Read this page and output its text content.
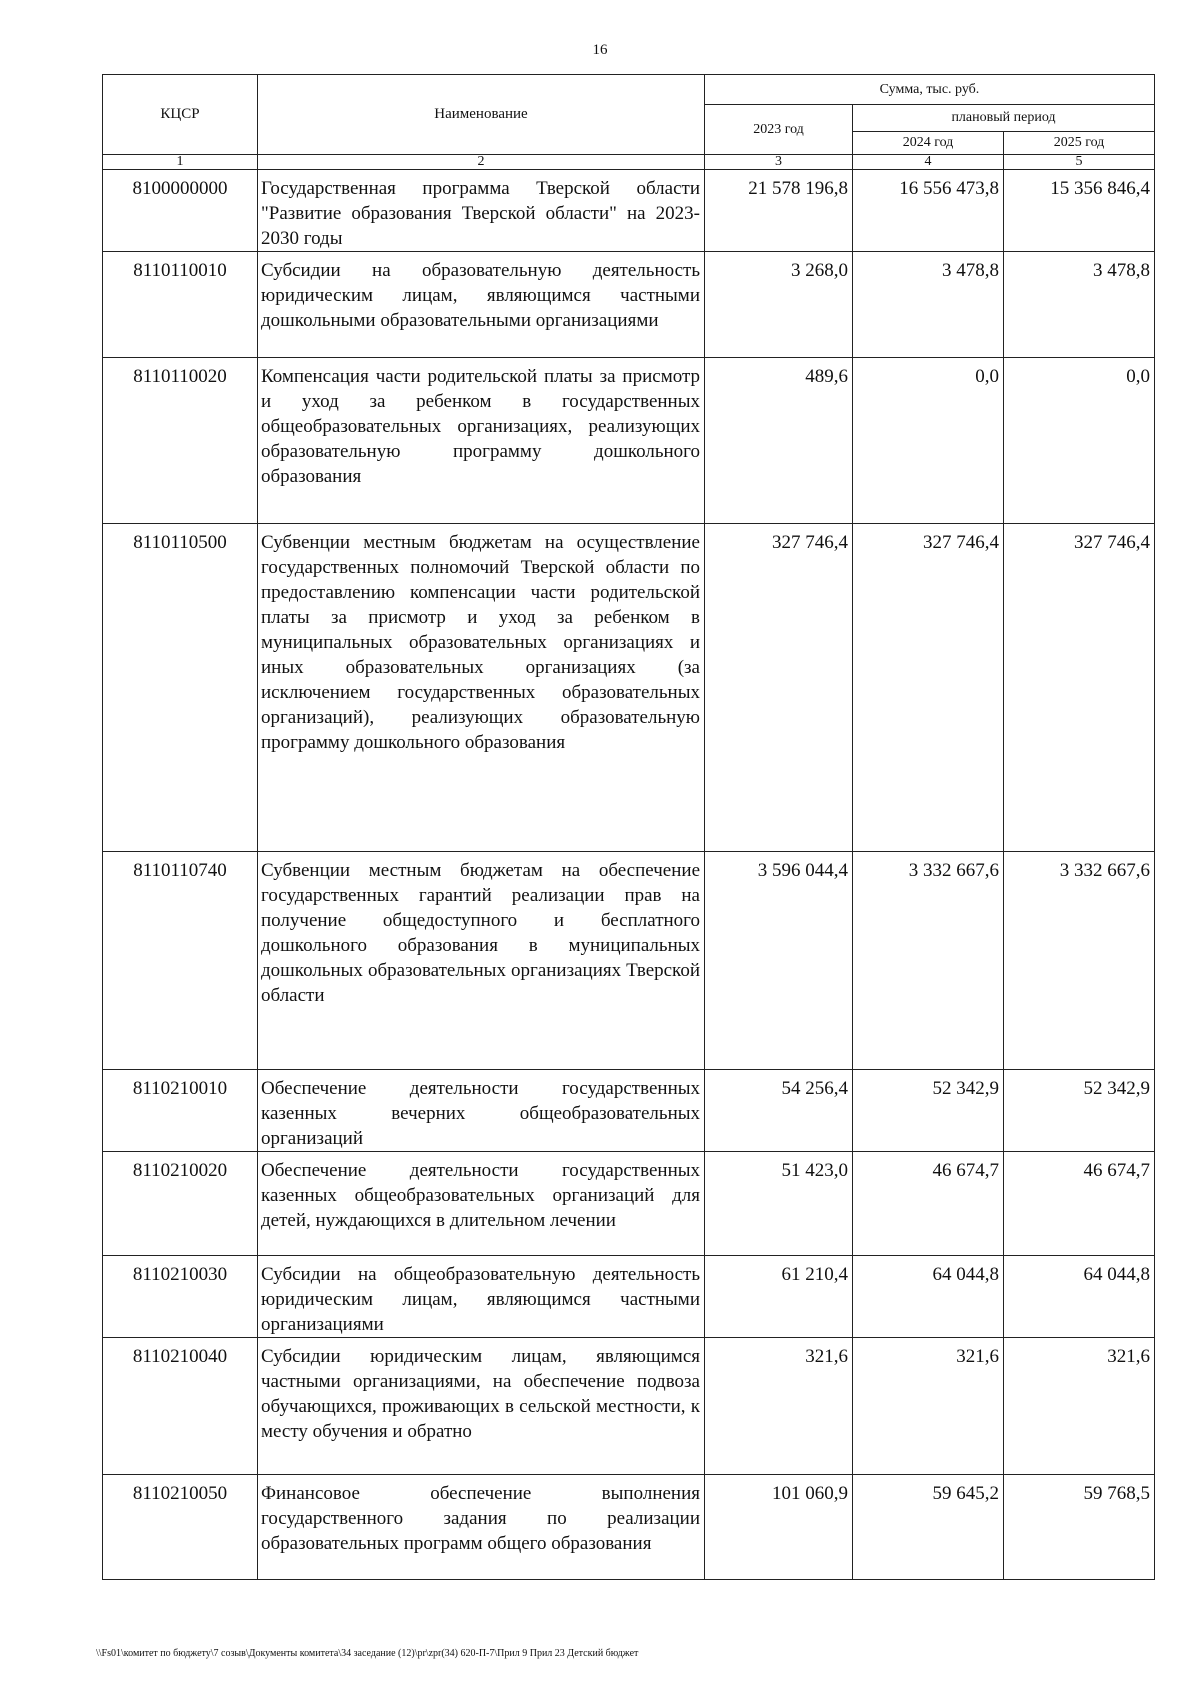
16
КЦСР	Наименование	Сумма, тыс. руб.		
		2023 год	плановый период	
			2024 год	2025 год
1	2	3	4	5
8100000000	Государственная программа Тверской области "Развитие образования Тверской области" на 2023-2030 годы	21 578 196,8	16 556 473,8	15 356 846,4
8110110010	Субсидии на образовательную деятельность юридическим лицам, являющимся частными дошкольными образовательными организациями	3 268,0	3 478,8	3 478,8
8110110020	Компенсация части родительской платы за присмотр и уход за ребенком в государственных общеобразовательных организациях, реализующих образовательную программу дошкольного образования	489,6	0,0	0,0
8110110500	Субвенции местным бюджетам на осуществление государственных полномочий Тверской области по предоставлению компенсации части родительской платы за присмотр и уход за ребенком в муниципальных образовательных организациях и иных образовательных организациях (за исключением государственных образовательных организаций), реализующих образовательную программу дошкольного образования	327 746,4	327 746,4	327 746,4
8110110740	Субвенции местным бюджетам на обеспечение государственных гарантий реализации прав на получение общедоступного и бесплатного дошкольного образования в муниципальных дошкольных образовательных организациях Тверской области	3 596 044,4	3 332 667,6	3 332 667,6
8110210010	Обеспечение деятельности государственных казенных вечерних общеобразовательных организаций	54 256,4	52 342,9	52 342,9
8110210020	Обеспечение деятельности государственных казенных общеобразовательных организаций для детей, нуждающихся в длительном лечении	51 423,0	46 674,7	46 674,7
8110210030	Субсидии на общеобразовательную деятельность юридическим лицам, являющимся частными организациями	61 210,4	64 044,8	64 044,8
8110210040	Субсидии юридическим лицам, являющимся частными организациями, на обеспечение подвоза обучающихся, проживающих в сельской местности, к месту обучения и обратно	321,6	321,6	321,6
8110210050	Финансовое обеспечение выполнения государственного задания по реализации образовательных программ общего образования	101 060,9	59 645,2	59 768,5
\\Fs01\комитет по бюджету\7 созыв\Документы комитета\34 заседание (12)\pr\zpr(34) 620-П-7\Прил 9 Прил 23 Детский бюджет
